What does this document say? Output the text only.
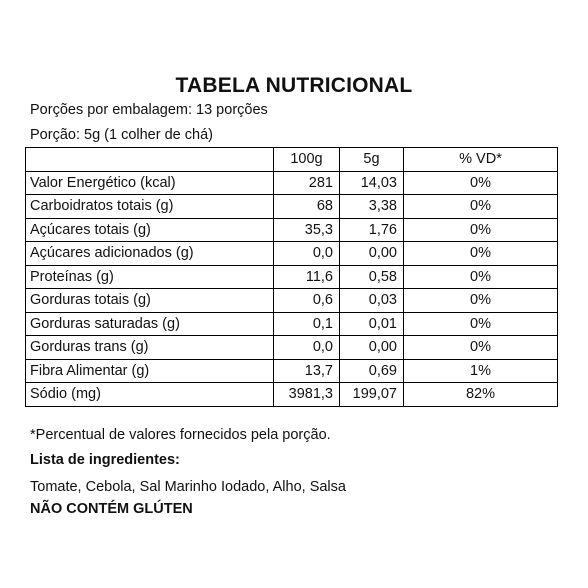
TABELA NUTRICIONAL
Porções por embalagem: 13 porções
Porção: 5g (1 colher de chá)
	100g	5g	% VD*
Valor Energético (kcal)	281	14,03	0%
Carboidratos totais (g)	68	3,38	0%
Açúcares totais (g)	35,3	1,76	0%
Açúcares adicionados (g)	0,0	0,00	0%
Proteínas (g)	11,6	0,58	0%
Gorduras totais (g)	0,6	0,03	0%
Gorduras saturadas (g)	0,1	0,01	0%
Gorduras trans (g)	0,0	0,00	0%
Fibra Alimentar (g)	13,7	0,69	1%
Sódio (mg)	3981,3	199,07	82%
*Percentual de valores fornecidos pela porção.
Lista de ingredientes:
Tomate, Cebola, Sal Marinho Iodado, Alho, Salsa
NÃO CONTÉM GLÚTEN
